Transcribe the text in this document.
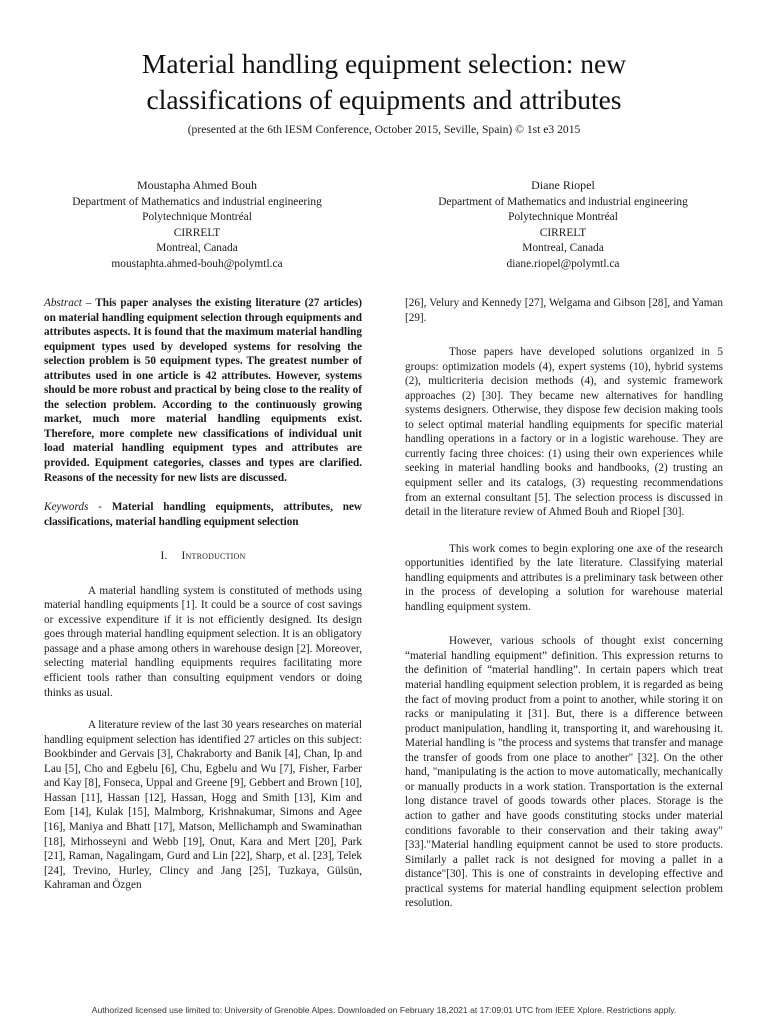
Material handling equipment selection: new
classifications of equipments and attributes
(presented at the 6th IESM Conference, October 2015, Seville, Spain) © 1st e3 2015
Moustapha Ahmed Bouh
Department of Mathematics and industrial engineering
Polytechnique Montréal
CIRRELT
Montreal, Canada
moustaphta.ahmed-bouh@polymtl.ca
Diane Riopel
Department of Mathematics and industrial engineering
Polytechnique Montréal
CIRRELT
Montreal, Canada
diane.riopel@polymtl.ca

Abstract – This paper analyses the existing literature (27 articles) on material handling equipment selection through equipments and attributes aspects. It is found that the maximum material handling equipment types used by developed systems for resolving the selection problem is 50 equipment types. The greatest number of attributes used in one article is 42 attributes. However, systems should be more robust and practical by being close to the reality of the selection problem. According to the continuously growing market, much more material handling equipments exist. Therefore, more complete new classifications of individual unit load material handling equipment types and attributes are provided. Equipment categories, classes and types are clarified. Reasons of the necessity for new lists are discussed.

Keywords - Material handling equipments, attributes, new classifications, material handling equipment selection

I. Introduction

A material handling system is constituted of methods using material handling equipments [1]. It could be a source of cost savings or excessive expenditure if it is not efficiently designed. Its design goes through material handling equipment selection. It is an obligatory passage and a phase among others in warehouse design [2]. Moreover, selecting material handling equipments requires facilitating more efficient tools rather than consulting equipment vendors or doing thinks as usual.

A literature review of the last 30 years researches on material handling equipment selection has identified 27 articles on this subject: Bookbinder and Gervais [3], Chakraborty and Banik [4], Chan, Ip and Lau [5], Cho and Egbelu [6], Chu, Egbelu and Wu [7], Fisher, Farber and Kay [8], Fonseca, Uppal and Greene [9], Gebbert and Brown [10], Hassan [11], Hassan [12], Hassan, Hogg and Smith [13], Kim and Eom [14], Kulak [15], Malmborg, Krishnakumar, Simons and Agee [16], Maniya and Bhatt [17], Matson, Mellichamph and Swaminathan [18], Mirhosseyni and Webb [19], Onut, Kara and Mert [20], Park [21], Raman, Nagalingam, Gurd and Lin [22], Sharp, et al. [23], Telek [24], Trevino, Hurley, Clincy and Jang [25], Tuzkaya, Gülsün, Kahraman and Özgen

[26], Velury and Kennedy [27], Welgama and Gibson [28], and Yaman [29].

Those papers have developed solutions organized in 5 groups: optimization models (4), expert systems (10), hybrid systems (2), multicriteria decision methods (4), and systemic framework approaches (2) [30]. They became new alternatives for handling systems designers. Otherwise, they dispose few decision making tools to select optimal material handling equipments for specific material handling operations in a factory or in a logistic warehouse. They are currently facing three choices: (1) using their own experiences while seeking in material handling books and handbooks, (2) trusting an equipment seller and its catalogs, (3) requesting recommendations from an external consultant [5]. The selection process is discussed in detail in the literature review of Ahmed Bouh and Riopel [30].

This work comes to begin exploring one axe of the research opportunities identified by the late literature. Classifying material handling equipments and attributes is a preliminary task between other in the process of developing a solution for warehouse material handling equipment system.

However, various schools of thought exist concerning “material handling equipment” definition. This expression returns to the definition of “material handling”. In certain papers which treat material handling equipment selection problem, it is regarded as being the fact of moving product from a point to another, while storing it on racks or manipulating it [31]. But, there is a difference between product manipulation, handling it, transporting it, and warehousing it. Material handling is "the process and systems that transfer and manage the transfer of goods from one place to another" [32]. On the other hand, "manipulating is the action to move automatically, mechanically or manually products in a work station. Transportation is the external long distance travel of goods towards other places. Storage is the action to gather and have goods constituting stocks under material conditions favorable to their conservation and their taking away" [33]."Material handling equipment cannot be used to store products. Similarly a pallet rack is not designed for moving a pallet in a distance"[30]. This is one of constraints in developing effective and practical systems for material handling equipment selection problem resolution.

Authorized licensed use limited to: University of Grenoble Alpes. Downloaded on February 18,2021 at 17:09:01 UTC from IEEE Xplore. Restrictions apply.
